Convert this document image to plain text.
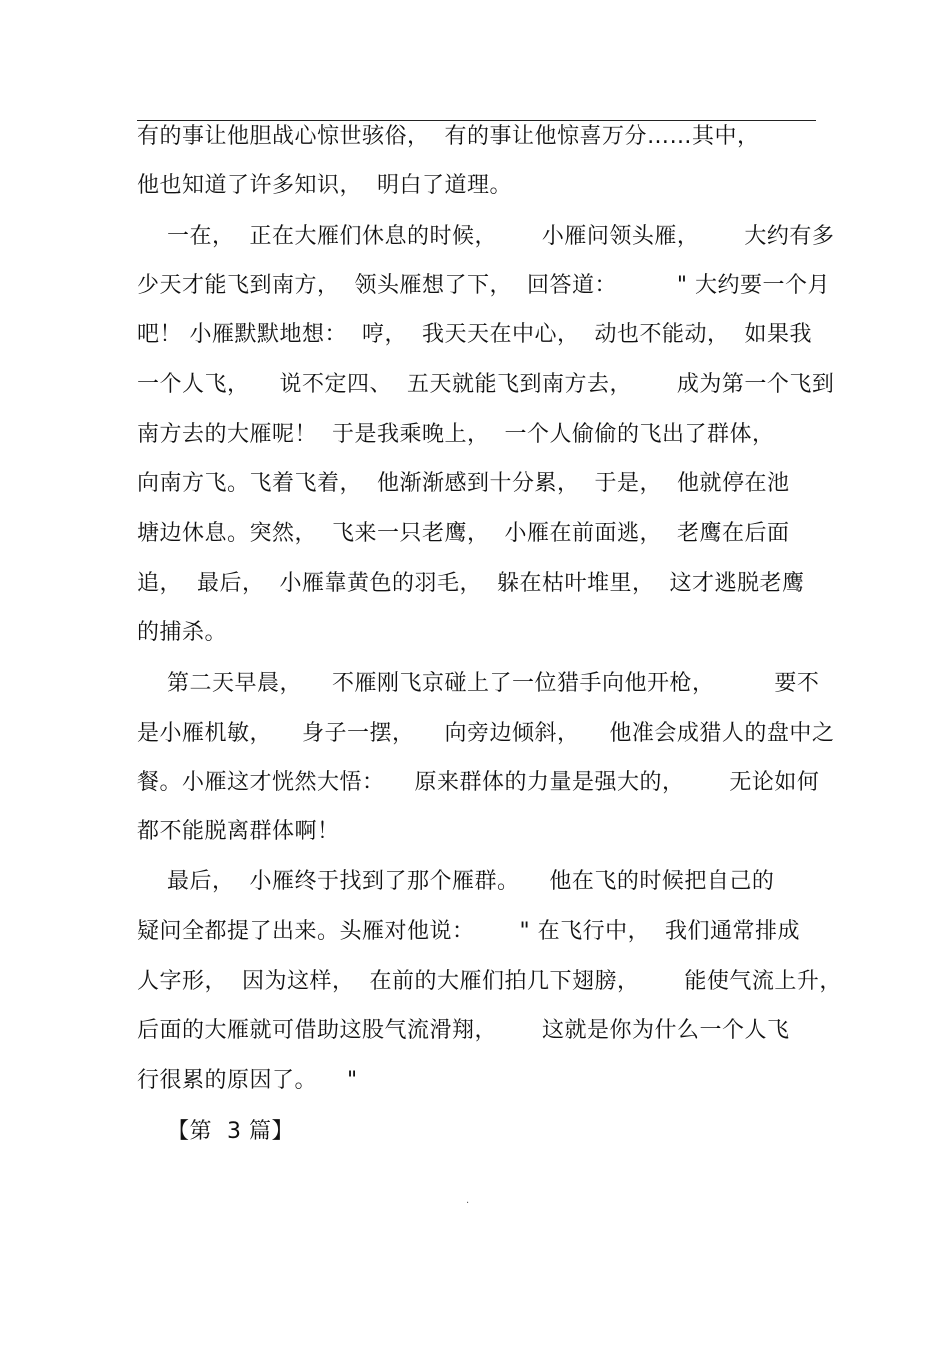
有的事让他胆战心惊世骇俗，  有的事让他惊喜万分……其中，
他也知道了许多知识，  明白了道理。
一在，  正在大雁们休息的时候，      小雁问领头雁，      大约有多
少天才能飞到南方，  领头雁想了下，  回答道：        " 大约要一个月
吧！ 小雁默默地想：  哼，  我天天在中心，  动也不能动，  如果我
一个人飞，    说不定四、  五天就能飞到南方去，      成为第一个飞到
南方去的大雁呢！  于是我乘晚上，  一个人偷偷的飞出了群体，
向南方飞。飞着飞着，  他渐渐感到十分累，  于是，  他就停在池
塘边休息。突然，  飞来一只老鹰，  小雁在前面逃，  老鹰在后面
追，  最后，  小雁靠黄色的羽毛，  躲在枯叶堆里，  这才逃脱老鹰
的捕杀。
第二天早晨，    不雁刚飞京碰上了一位猎手向他开枪，        要不
是小雁机敏，    身子一摆，    向旁边倾斜，    他准会成猎人的盘中之
餐。小雁这才恍然大悟：    原来群体的力量是强大的，      无论如何
都不能脱离群体啊！
最后，  小雁终于找到了那个雁群。    他在飞的时候把自己的
疑问全都提了出来。头雁对他说：      " 在飞行中，  我们通常排成
人字形，  因为这样，  在前的大雁们拍几下翅膀，      能使气流上升，
后面的大雁就可借助这股气流滑翔，      这就是你为什么一个人飞
行很累的原因了。    "
【第  3 篇】
.
